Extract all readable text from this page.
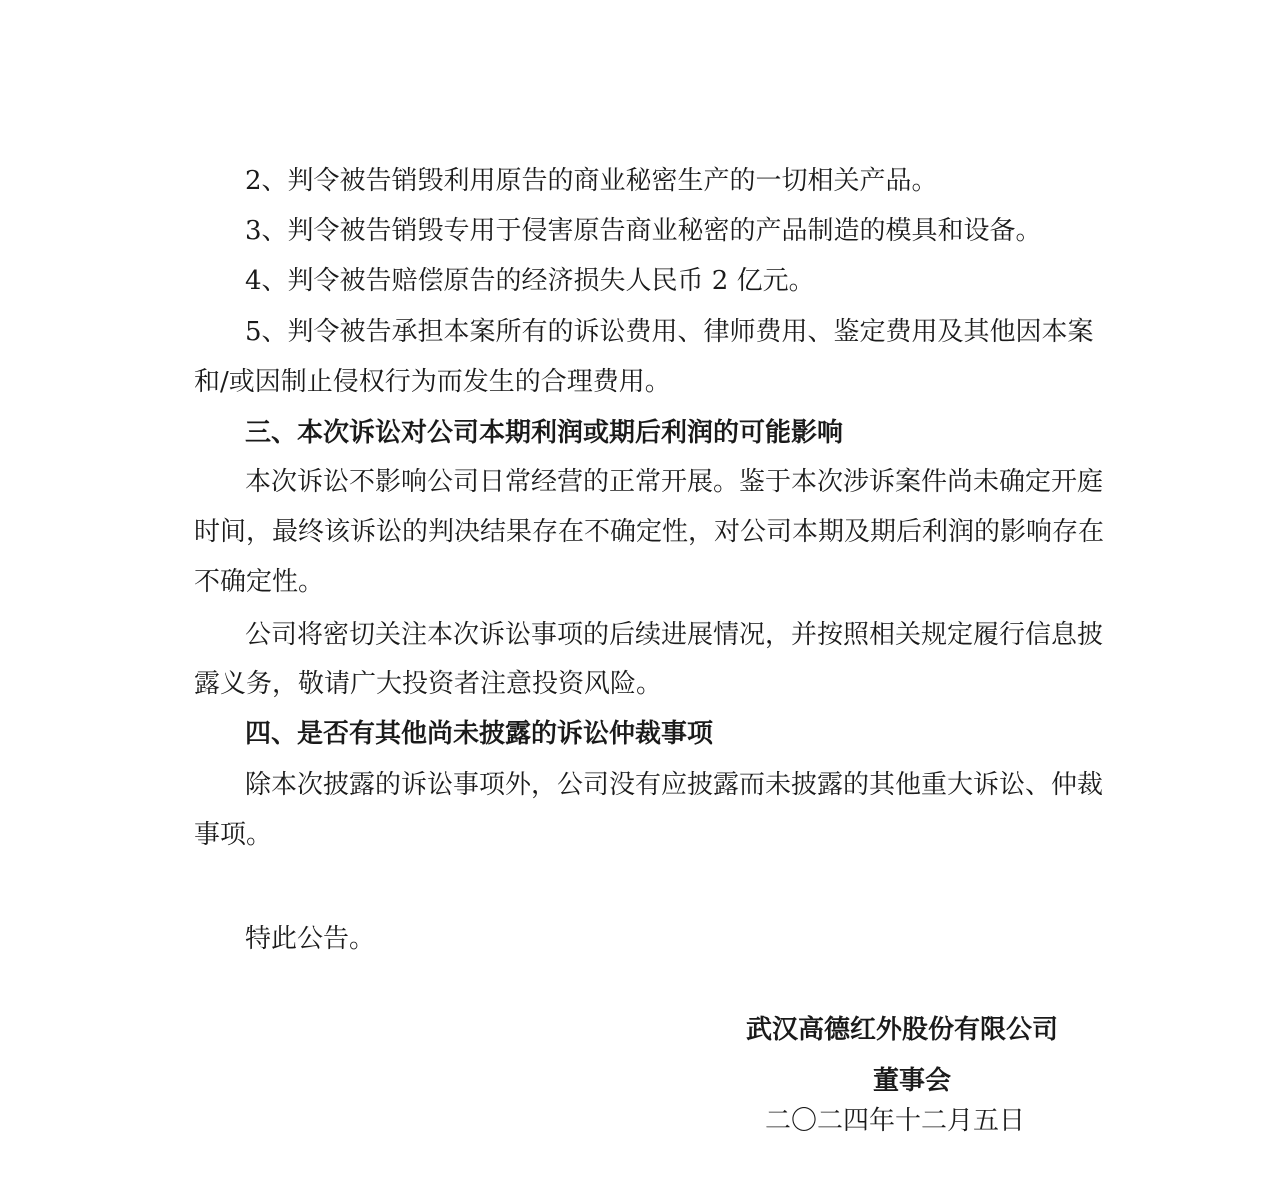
2、判令被告销毁利用原告的商业秘密生产的一切相关产品。
3、判令被告销毁专用于侵害原告商业秘密的产品制造的模具和设备。
4、判令被告赔偿原告的经济损失人民币 2 亿元。
5、判令被告承担本案所有的诉讼费用、律师费用、鉴定费用及其他因本案
和/或因制止侵权行为而发生的合理费用。
三、本次诉讼对公司本期利润或期后利润的可能影响
本次诉讼不影响公司日常经营的正常开展。鉴于本次涉诉案件尚未确定开庭
时间，最终该诉讼的判决结果存在不确定性，对公司本期及期后利润的影响存在
不确定性。
公司将密切关注本次诉讼事项的后续进展情况，并按照相关规定履行信息披
露义务，敬请广大投资者注意投资风险。
四、是否有其他尚未披露的诉讼仲裁事项
除本次披露的诉讼事项外，公司没有应披露而未披露的其他重大诉讼、仲裁
事项。
特此公告。
武汉高德红外股份有限公司
董事会
二〇二四年十二月五日
